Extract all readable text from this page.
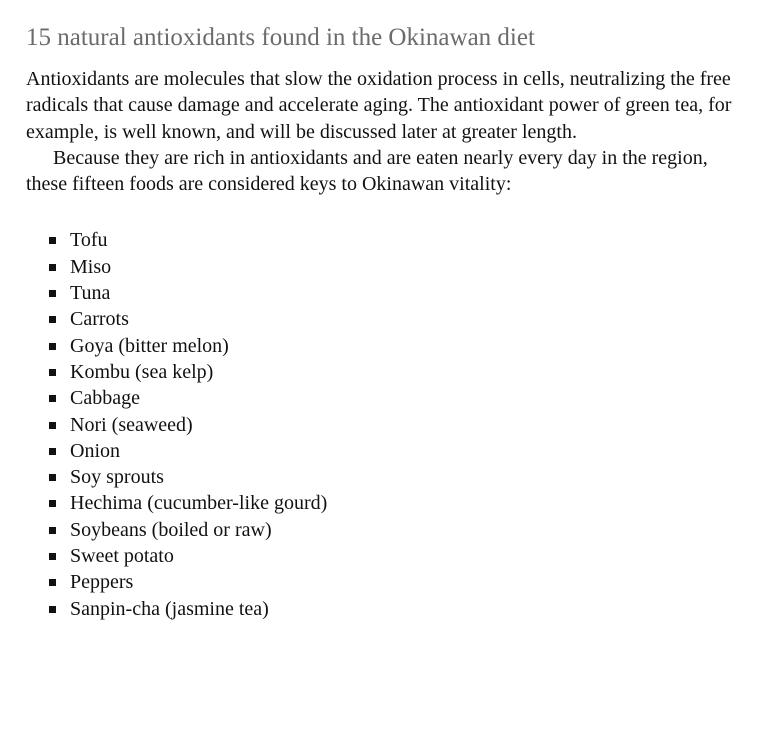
15 natural antioxidants found in the Okinawan diet

Antioxidants are molecules that slow the oxidation process in cells, neutralizing the free radicals that cause damage and accelerate aging. The antioxidant power of green tea, for example, is well known, and will be discussed later at greater length.

Because they are rich in antioxidants and are eaten nearly every day in the region, these fifteen foods are considered keys to Okinawan vitality:

Tofu
Miso
Tuna
Carrots
Goya (bitter melon)
Kombu (sea kelp)
Cabbage
Nori (seaweed)
Onion
Soy sprouts
Hechima (cucumber-like gourd)
Soybeans (boiled or raw)
Sweet potato
Peppers
Sanpin-cha (jasmine tea)
